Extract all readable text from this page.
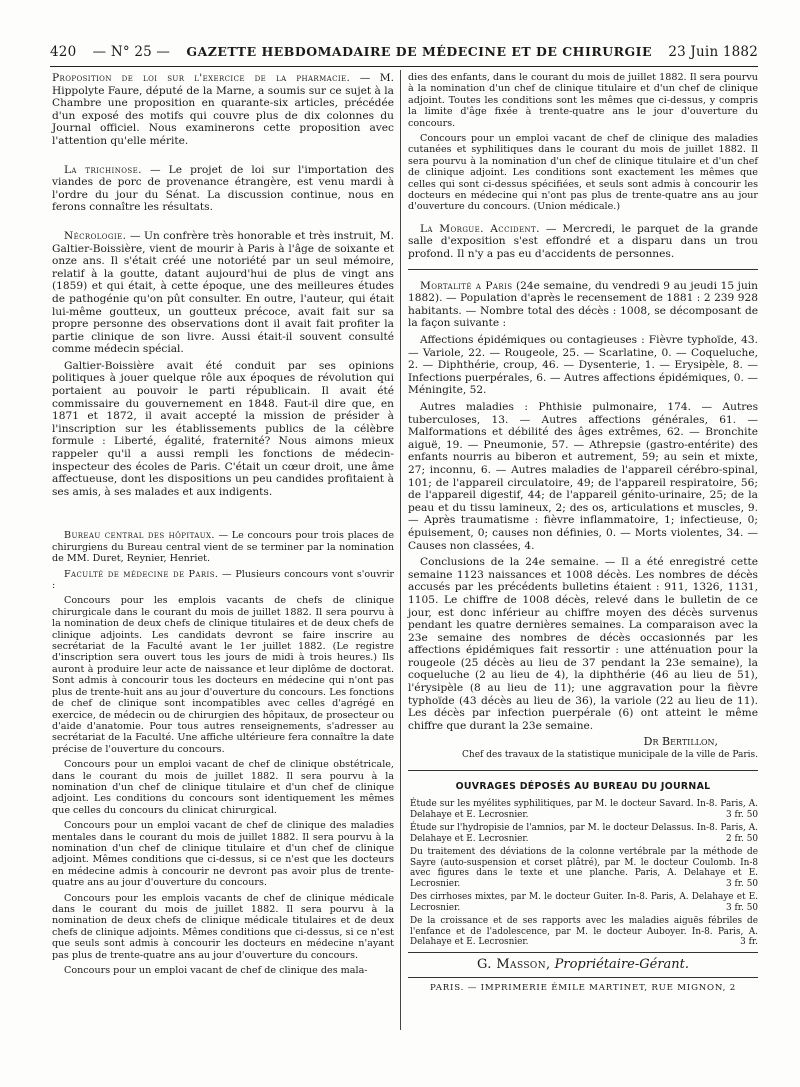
420 — N° 25 — GAZETTE HEBDOMADAIRE DE MÉDECINE ET DE CHIRURGIE 23 Juin 1882

Proposition de loi sur l'exercice de la pharmacie. — M. Hippolyte Faure, député de la Marne, a soumis sur ce sujet à la Chambre une proposition en quarante-six articles, précédée d'un exposé des motifs qui couvre plus de dix colonnes du Journal officiel. Nous examinerons cette proposition avec l'attention qu'elle mérite.

La trichinose. — Le projet de loi sur l'importation des viandes de porc de provenance étrangère, est venu mardi à l'ordre du jour du Sénat. La discussion continue, nous en ferons connaître les résultats.

Nécrologie. — Un confrère très honorable et très instruit, M. Galtier-Boissière, vient de mourir à Paris à l'âge de soixante et onze ans. Il s'était créé une notoriété par un seul mémoire, relatif à la goutte, datant aujourd'hui de plus de vingt ans (1859) et qui était, à cette époque, une des meilleures études de pathogénie qu'on pût consulter. En outre, l'auteur, qui était lui-même goutteux, un goutteux précoce, avait fait sur sa propre personne des observations dont il avait fait profiter la partie clinique de son livre. Aussi était-il souvent consulté comme médecin spécial.

Galtier-Boissière avait été conduit par ses opinions politiques à jouer quelque rôle aux époques de révolution qui portaient au pouvoir le parti républicain. Il avait été commissaire du gouvernement en 1848. Faut-il dire que, en 1871 et 1872, il avait accepté la mission de présider à l'inscription sur les établissements publics de la célèbre formule : Liberté, égalité, fraternité? Nous aimons mieux rappeler qu'il a aussi rempli les fonctions de médecin-inspecteur des écoles de Paris. C'était un cœur droit, une âme affectueuse, dont les dispositions un peu candides profitaient à ses amis, à ses malades et aux indigents.

Bureau central des hôpitaux. — Le concours pour trois places de chirurgiens du Bureau central vient de se terminer par la nomination de MM. Duret, Reynier, Henriet.

Faculté de médecine de Paris. — Plusieurs concours vont s'ouvrir :

Concours pour les emplois vacants de chefs de clinique chirurgicale dans le courant du mois de juillet 1882. Il sera pourvu à la nomination de deux chefs de clinique titulaires et de deux chefs de clinique adjoints. Les candidats devront se faire inscrire au secrétariat de la Faculté avant le 1er juillet 1882. (Le registre d'inscription sera ouvert tous les jours de midi à trois heures.) Ils auront à produire leur acte de naissance et leur diplôme de doctorat. Sont admis à concourir tous les docteurs en médecine qui n'ont pas plus de trente-huit ans au jour d'ouverture du concours. Les fonctions de chef de clinique sont incompatibles avec celles d'agrégé en exercice, de médecin ou de chirurgien des hôpitaux, de prosecteur ou d'aide d'anatomie. Pour tous autres renseignements, s'adresser au secrétariat de la Faculté. Une affiche ultérieure fera connaître la date précise de l'ouverture du concours.

Concours pour un emploi vacant de chef de clinique obstétricale, dans le courant du mois de juillet 1882. Il sera pourvu à la nomination d'un chef de clinique titulaire et d'un chef de clinique adjoint. Les conditions du concours sont identiquement les mêmes que celles du concours du clinicat chirurgical.

Concours pour un emploi vacant de chef de clinique des maladies mentales dans le courant du mois de juillet 1882. Il sera pourvu à la nomination d'un chef de clinique titulaire et d'un chef de clinique adjoint. Mêmes conditions que ci-dessus, si ce n'est que les docteurs en médecine admis à concourir ne devront pas avoir plus de trente-quatre ans au jour d'ouverture du concours.

Concours pour les emplois vacants de chef de clinique médicale dans le courant du mois de juillet 1882. Il sera pourvu à la nomination de deux chefs de clinique médicale titulaires et de deux chefs de clinique adjoints. Mêmes conditions que ci-dessus, si ce n'est que seuls sont admis à concourir les docteurs en médecine n'ayant pas plus de trente-quatre ans au jour d'ouverture du concours.

Concours pour un emploi vacant de chef de clinique des mala-

dies des enfants, dans le courant du mois de juillet 1882. Il sera pourvu à la nomination d'un chef de clinique titulaire et d'un chef de clinique adjoint. Toutes les conditions sont les mêmes que ci-dessus, y compris la limite d'âge fixée à trente-quatre ans le jour d'ouverture du concours.

Concours pour un emploi vacant de chef de clinique des maladies cutanées et syphilitiques dans le courant du mois de juillet 1882. Il sera pourvu à la nomination d'un chef de clinique titulaire et d'un chef de clinique adjoint. Les conditions sont exactement les mêmes que celles qui sont ci-dessus spécifiées, et seuls sont admis à concourir les docteurs en médecine qui n'ont pas plus de trente-quatre ans au jour d'ouverture du concours. (Union médicale.)

La Morgue. Accident. — Mercredi, le parquet de la grande salle d'exposition s'est effondré et a disparu dans un trou profond. Il n'y a pas eu d'accidents de personnes.

Mortalité a Paris (24e semaine, du vendredi 9 au jeudi 15 juin 1882). — Population d'après le recensement de 1881 : 2 239 928 habitants. — Nombre total des décès : 1008, se décomposant de la façon suivante :

Affections épidémiques ou contagieuses : Fièvre typhoïde, 43. — Variole, 22. — Rougeole, 25. — Scarlatine, 0. — Coqueluche, 2. — Diphthérie, croup, 46. — Dysenterie, 1. — Erysipèle, 8. — Infections puerpérales, 6. — Autres affections épidémiques, 0. — Méningite, 52.

Autres maladies : Phthisie pulmonaire, 174. — Autres tuberculoses, 13. — Autres affections générales, 61. — Malformations et débilité des âges extrêmes, 62. — Bronchite aiguë, 19. — Pneumonie, 57. — Athrepsie (gastro-entérite) des enfants nourris au biberon et autrement, 59; au sein et mixte, 27; inconnu, 6. — Autres maladies de l'appareil cérébro-spinal, 101; de l'appareil circulatoire, 49; de l'appareil respiratoire, 56; de l'appareil digestif, 44; de l'appareil génito-urinaire, 25; de la peau et du tissu lamineux, 2; des os, articulations et muscles, 9. — Après traumatisme : fièvre inflammatoire, 1; infectieuse, 0; épuisement, 0; causes non définies, 0. — Morts violentes, 34. — Causes non classées, 4.

Conclusions de la 24e semaine. — Il a été enregistré cette semaine 1123 naissances et 1008 décès. Les nombres de décès accusés par les précédents bulletins étaient : 911, 1326, 1131, 1105. Le chiffre de 1008 décès, relevé dans le bulletin de ce jour, est donc inférieur au chiffre moyen des décès survenus pendant les quatre dernières semaines. La comparaison avec la 23e semaine des nombres de décès occasionnés par les affections épidémiques fait ressortir : une atténuation pour la rougeole (25 décès au lieu de 37 pendant la 23e semaine), la coqueluche (2 au lieu de 4), la diphthérie (46 au lieu de 51), l'érysipèle (8 au lieu de 11); une aggravation pour la fièvre typhoïde (43 décès au lieu de 36), la variole (22 au lieu de 11). Les décès par infection puerpérale (6) ont atteint le même chiffre que durant la 23e semaine.

Dr Bertillon,
Chef des travaux de la statistique municipale de la ville de Paris.
OUVRAGES DÉPOSÉS AU BUREAU DU JOURNAL
Étude sur les myélites syphilitiques, par M. le docteur Savard. In-8. Paris, A. Delahaye et E. Lecrosnier.	3 fr. 50
Étude sur l'hydropisie de l'amnios, par M. le docteur Delassus. In-8. Paris, A. Delahaye et E. Lecrosnier.	2 fr. 50
Du traitement des déviations de la colonne vertébrale par la méthode de Sayre (auto-suspension et corset plâtré), par M. le docteur Coulomb. In-8 avec figures dans le texte et une planche. Paris, A. Delahaye et E. Lecrosnier.	3 fr. 50
Des cirrhoses mixtes, par M. le docteur Guiter. In-8. Paris, A. Delahaye et E. Lecrosnier.	3 fr. 50
De la croissance et de ses rapports avec les maladies aiguës fébriles de l'enfance et de l'adolescence, par M. le docteur Auboyer. In-8. Paris, A. Delahaye et E. Lecrosnier.	3 fr.
G. Masson, Propriétaire-Gérant.
PARIS. — IMPRIMERIE ÉMILE MARTINET, RUE MIGNON, 2
